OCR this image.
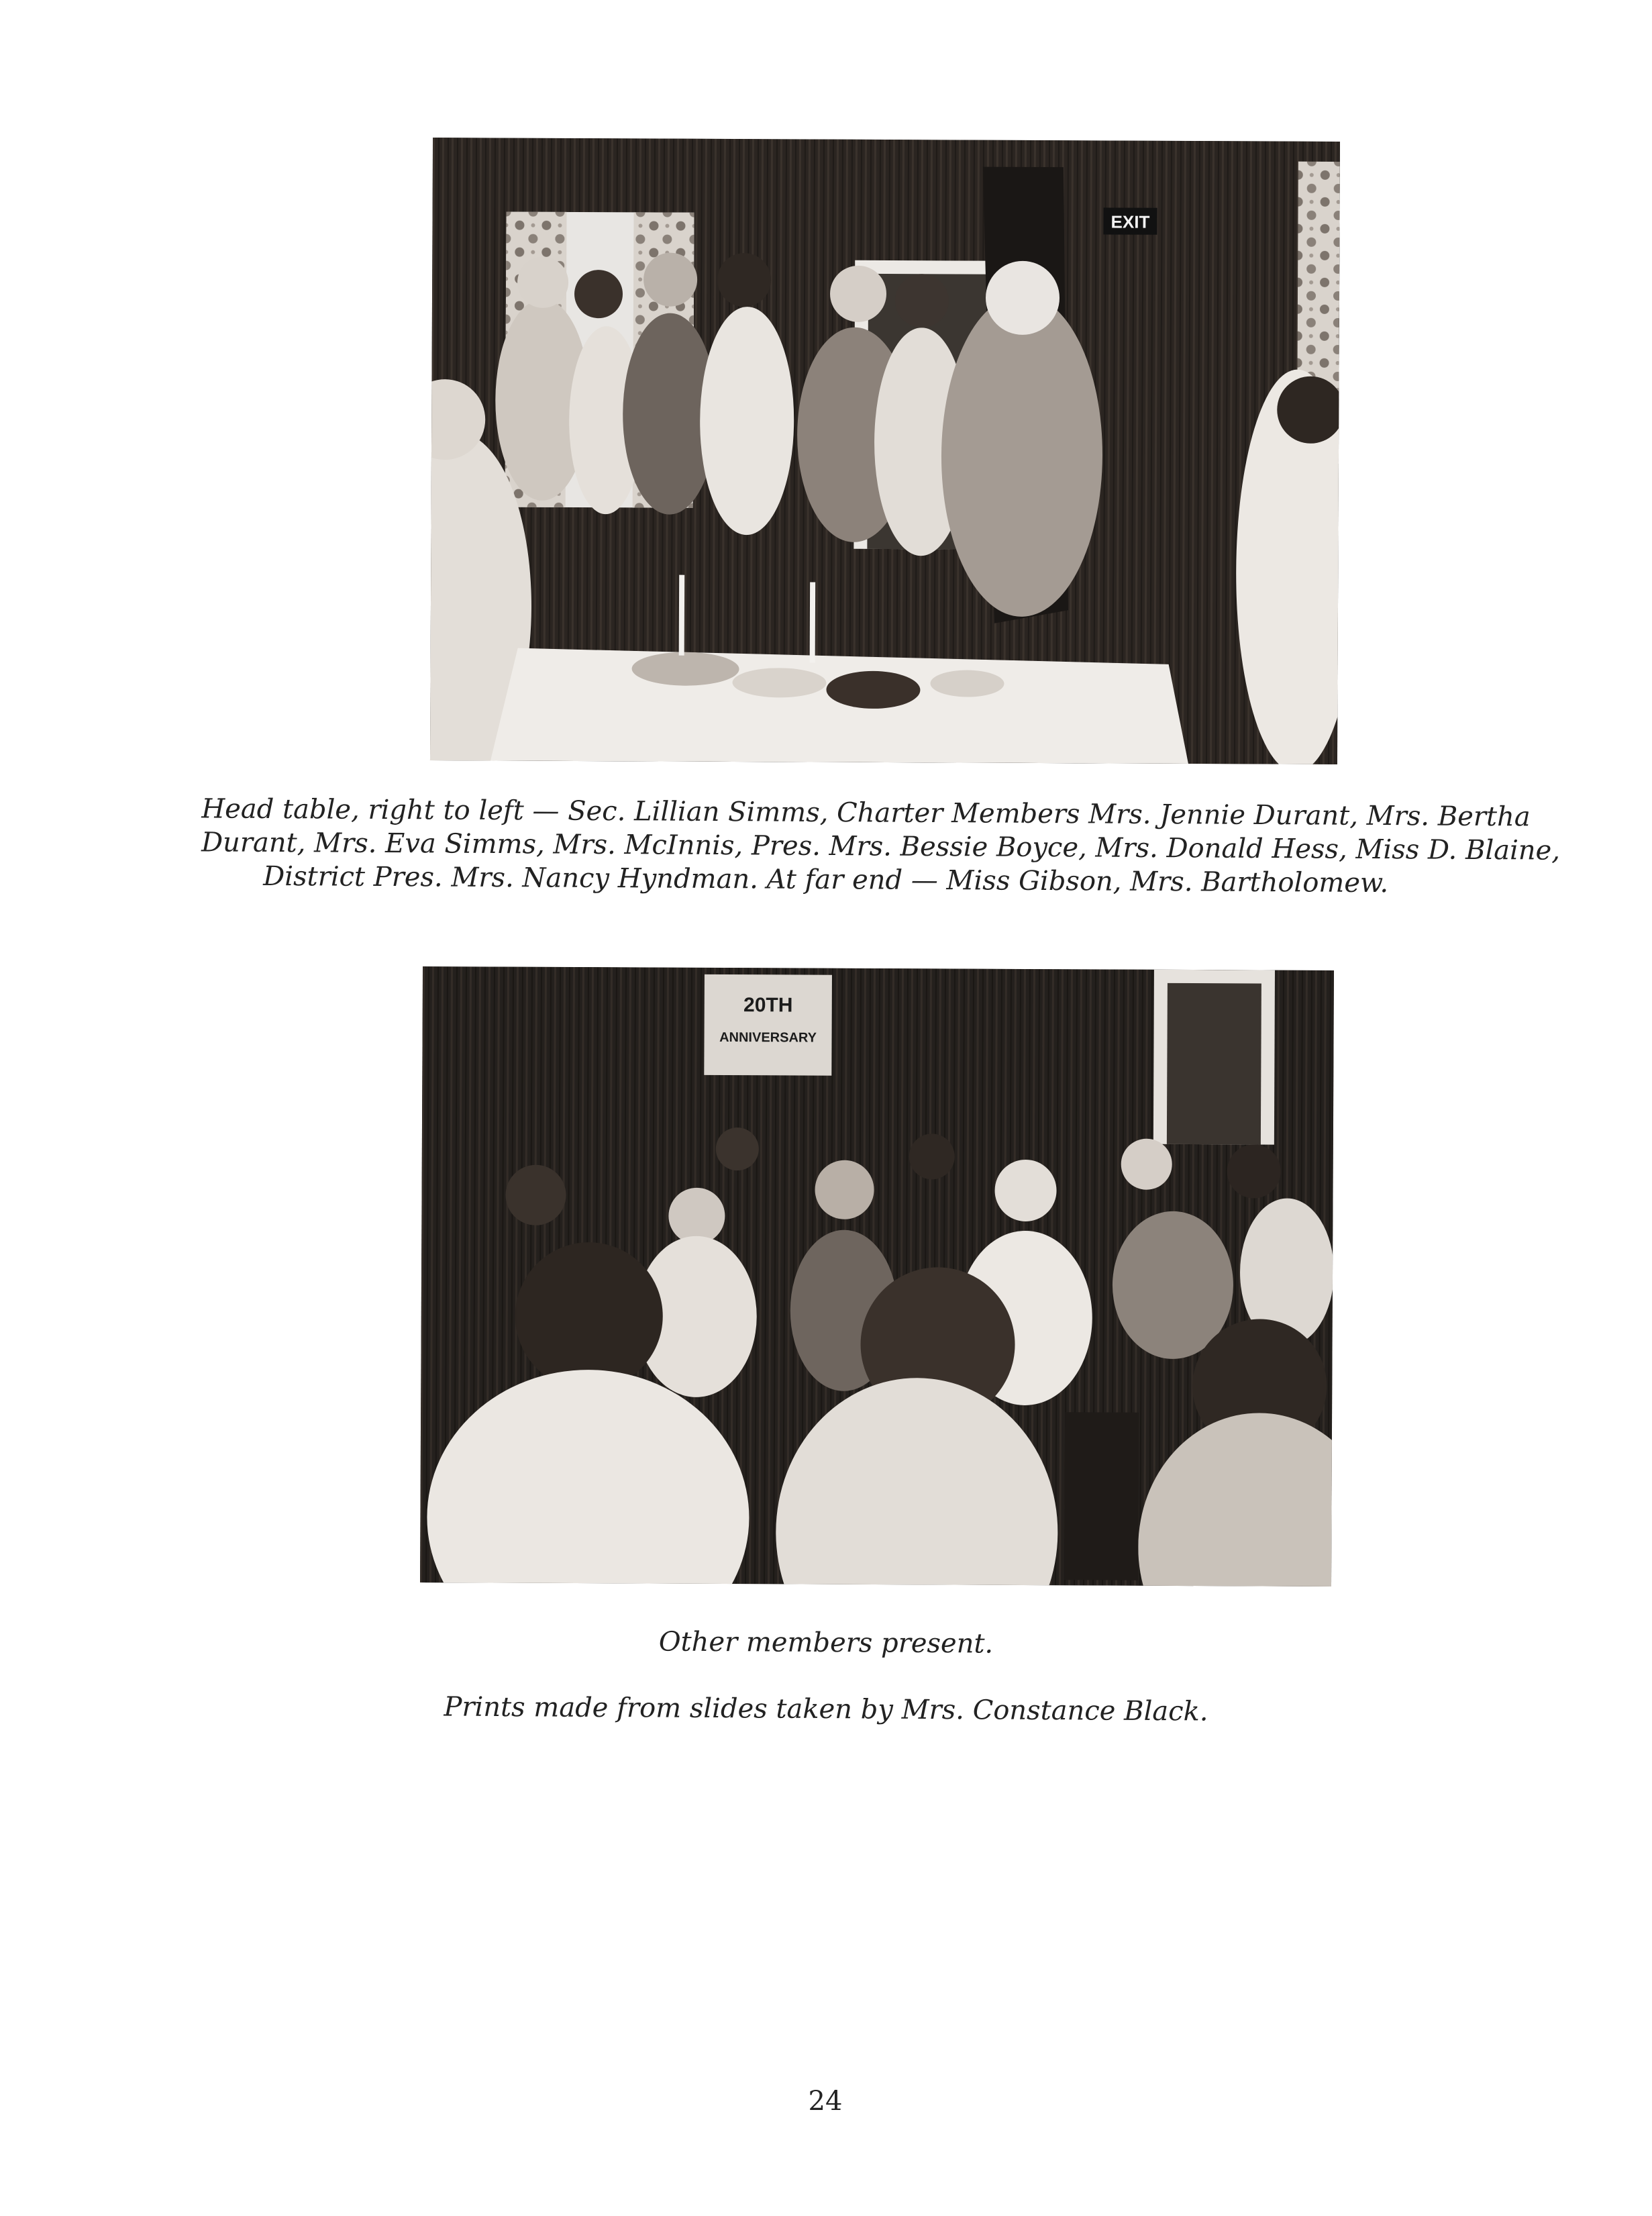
EXIT
Head table, right to left — Sec. Lillian Simms, Charter Members Mrs. Jennie Durant, Mrs. Bertha
Durant, Mrs. Eva Simms, Mrs. McInnis, Pres. Mrs. Bessie Boyce, Mrs. Donald Hess, Miss D. Blaine,
District Pres. Mrs. Nancy Hyndman. At far end — Miss Gibson, Mrs. Bartholomew.
20TH
ANNIVERSARY
Other members present.
Prints made from slides taken by Mrs. Constance Black.
24
